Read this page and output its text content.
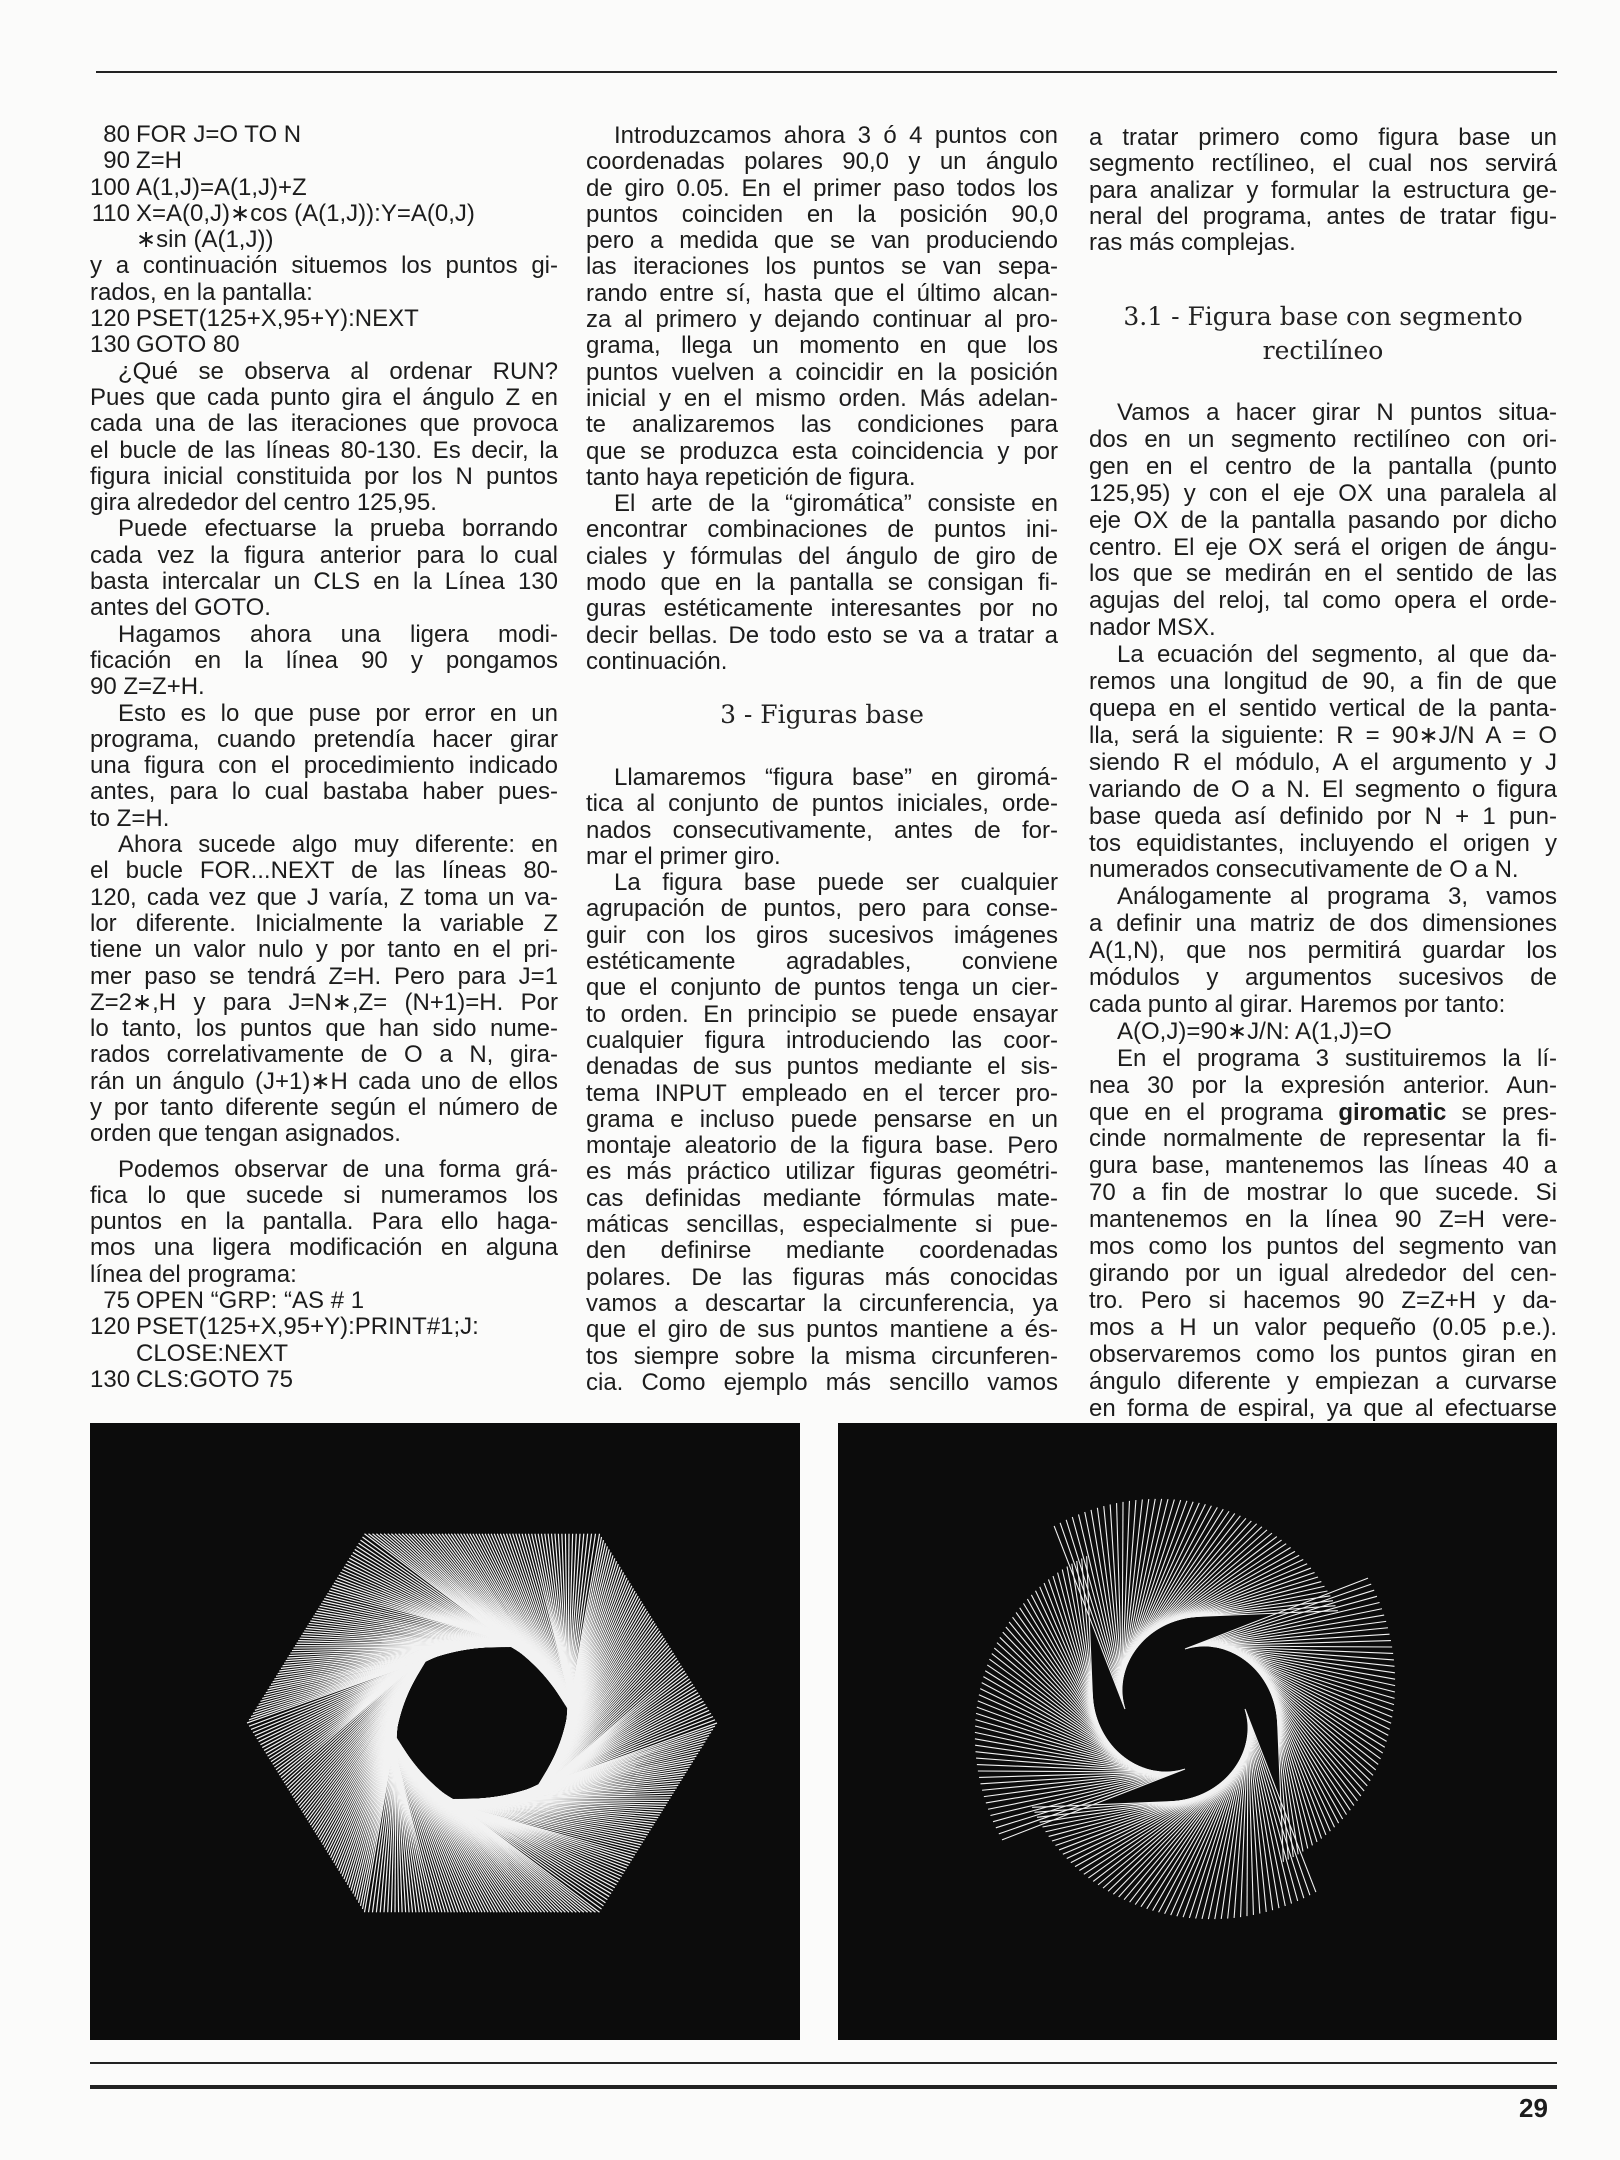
80 FOR J=O TO N
90 Z=H
100 A(1,J)=A(1,J)+Z
110 X=A(0,J)∗cos (A(1,J)):Y=A(0,J)
∗sin (A(1,J))
y a continuación situemos los puntos gi-
rados, en la pantalla:
120 PSET(125+X,95+Y):NEXT
130 GOTO 80
¿Qué se observa al ordenar RUN?
Pues que cada punto gira el ángulo Z en
cada una de las iteraciones que provoca
el bucle de las líneas 80-130. Es decir, la
figura inicial constituida por los N puntos
gira alrededor del centro 125,95.
Puede efectuarse la prueba borrando
cada vez la figura anterior para lo cual
basta intercalar un CLS en la Línea 130
antes del GOTO.
Hagamos ahora una ligera modi-
ficación en la línea 90 y pongamos
90 Z=Z+H.
Esto es lo que puse por error en un
programa, cuando pretendía hacer girar
una figura con el procedimiento indicado
antes, para lo cual bastaba haber pues-
to Z=H.
Ahora sucede algo muy diferente: en
el bucle FOR...NEXT de las líneas 80-
120, cada vez que J varía, Z toma un va-
lor diferente. Inicialmente la variable Z
tiene un valor nulo y por tanto en el pri-
mer paso se tendrá Z=H. Pero para J=1
Z=2∗,H y para J=N∗,Z= (N+1)=H. Por
lo tanto, los puntos que han sido nume-
rados correlativamente de O a N, gira-
rán un ángulo (J+1)∗H cada uno de ellos
y por tanto diferente según el número de
orden que tengan asignados.
Podemos observar de una forma grá-
fica lo que sucede si numeramos los
puntos en la pantalla. Para ello haga-
mos una ligera modificación en alguna
línea del programa:
75 OPEN “GRP: “AS # 1
120 PSET(125+X,95+Y):PRINT#1;J:
CLOSE:NEXT
130 CLS:GOTO 75
Introduzcamos ahora 3 ó 4 puntos con
coordenadas polares 90,0 y un ángulo
de giro 0.05. En el primer paso todos los
puntos coinciden en la posición 90,0
pero a medida que se van produciendo
las iteraciones los puntos se van sepa-
rando entre sí, hasta que el último alcan-
za al primero y dejando continuar al pro-
grama, llega un momento en que los
puntos vuelven a coincidir en la posición
inicial y en el mismo orden. Más adelan-
te analizaremos las condiciones para
que se produzca esta coincidencia y por
tanto haya repetición de figura.
El arte de la “giromática” consiste en
encontrar combinaciones de puntos ini-
ciales y fórmulas del ángulo de giro de
modo que en la pantalla se consigan fi-
guras estéticamente interesantes por no
decir bellas. De todo esto se va a tratar a
continuación.
3 - Figuras base
Llamaremos “figura base” en giromá-
tica al conjunto de puntos iniciales, orde-
nados consecutivamente, antes de for-
mar el primer giro.
La figura base puede ser cualquier
agrupación de puntos, pero para conse-
guir con los giros sucesivos imágenes
estéticamente agradables, conviene
que el conjunto de puntos tenga un cier-
to orden. En principio se puede ensayar
cualquier figura introduciendo las coor-
denadas de sus puntos mediante el sis-
tema INPUT empleado en el tercer pro-
grama e incluso puede pensarse en un
montaje aleatorio de la figura base. Pero
es más práctico utilizar figuras geométri-
cas definidas mediante fórmulas mate-
máticas sencillas, especialmente si pue-
den definirse mediante coordenadas
polares. De las figuras más conocidas
vamos a descartar la circunferencia, ya
que el giro de sus puntos mantiene a és-
tos siempre sobre la misma circunferen-
cia. Como ejemplo más sencillo vamos
a tratar primero como figura base un
segmento rectílineo, el cual nos servirá
para analizar y formular la estructura ge-
neral del programa, antes de tratar figu-
ras más complejas.
3.1 - Figura base con segmento
rectilíneo
Vamos a hacer girar N puntos situa-
dos en un segmento rectilíneo con ori-
gen en el centro de la pantalla (punto
125,95) y con el eje OX una paralela al
eje OX de la pantalla pasando por dicho
centro. El eje OX será el origen de ángu-
los que se medirán en el sentido de las
agujas del reloj, tal como opera el orde-
nador MSX.
La ecuación del segmento, al que da-
remos una longitud de 90, a fin de que
quepa en el sentido vertical de la panta-
lla, será la siguiente: R = 90∗J/N A = O
siendo R el módulo, A el argumento y J
variando de O a N. El segmento o figura
base queda así definido por N + 1 pun-
tos equidistantes, incluyendo el origen y
numerados consecutivamente de O a N.
Análogamente al programa 3, vamos
a definir una matriz de dos dimensiones
A(1,N), que nos permitirá guardar los
módulos y argumentos sucesivos de
cada punto al girar. Haremos por tanto:
A(O,J)=90∗J/N: A(1,J)=O
En el programa 3 sustituiremos la lí-
nea 30 por la expresión anterior. Aun-
que en el programa giromatic se pres-
cinde normalmente de representar la fi-
gura base, mantenemos las líneas 40 a
70 a fin de mostrar lo que sucede. Si
mantenemos en la línea 90 Z=H vere-
mos como los puntos del segmento van
girando por un igual alrededor del cen-
tro. Pero si hacemos 90 Z=Z+H y da-
mos a H un valor pequeño (0.05 p.e.).
observaremos como los puntos giran en
ángulo diferente y empiezan a curvarse
en forma de espiral, ya que al efectuarse
29
